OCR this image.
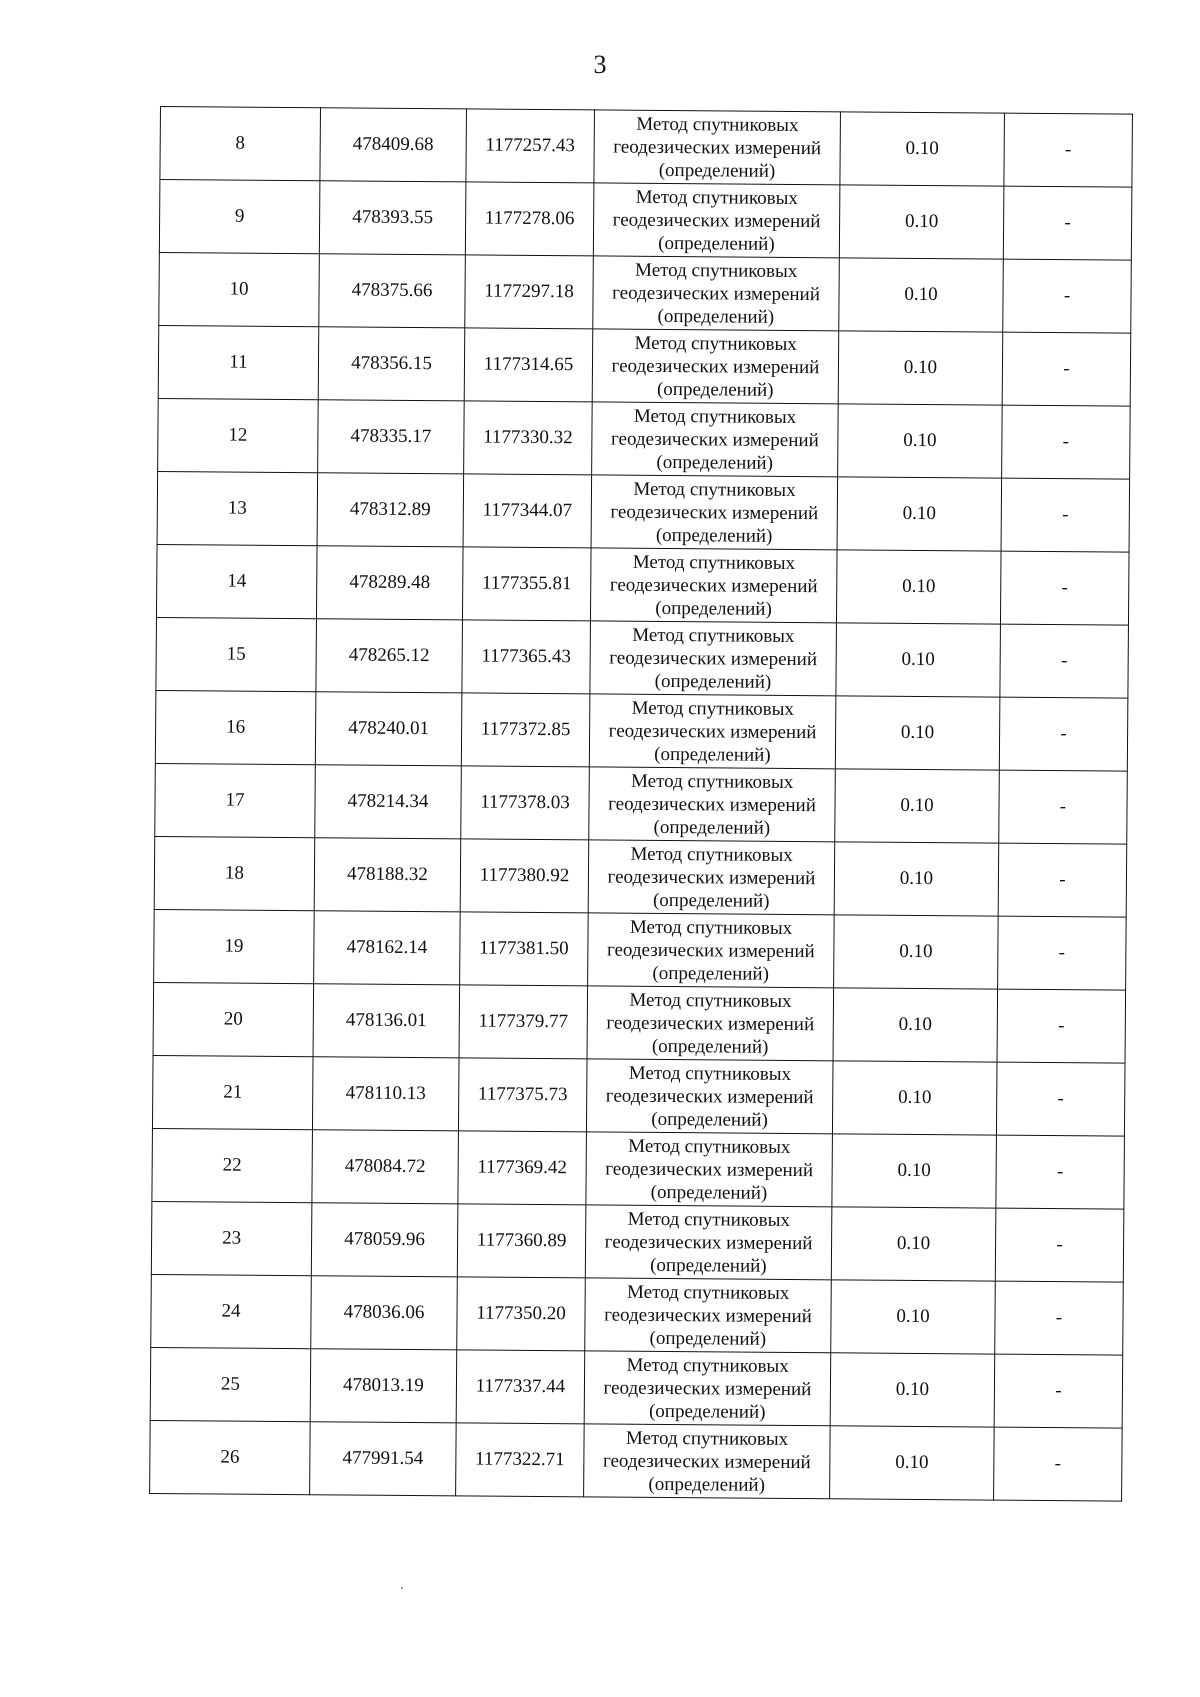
3
8	478409.68	1177257.43	Метод спутниковых геодезических измерений (определений)	0.10	-
9	478393.55	1177278.06	Метод спутниковых геодезических измерений (определений)	0.10	-
10	478375.66	1177297.18	Метод спутниковых геодезических измерений (определений)	0.10	-
11	478356.15	1177314.65	Метод спутниковых геодезических измерений (определений)	0.10	-
12	478335.17	1177330.32	Метод спутниковых геодезических измерений (определений)	0.10	-
13	478312.89	1177344.07	Метод спутниковых геодезических измерений (определений)	0.10	-
14	478289.48	1177355.81	Метод спутниковых геодезических измерений (определений)	0.10	-
15	478265.12	1177365.43	Метод спутниковых геодезических измерений (определений)	0.10	-
16	478240.01	1177372.85	Метод спутниковых геодезических измерений (определений)	0.10	-
17	478214.34	1177378.03	Метод спутниковых геодезических измерений (определений)	0.10	-
18	478188.32	1177380.92	Метод спутниковых геодезических измерений (определений)	0.10	-
19	478162.14	1177381.50	Метод спутниковых геодезических измерений (определений)	0.10	-
20	478136.01	1177379.77	Метод спутниковых геодезических измерений (определений)	0.10	-
21	478110.13	1177375.73	Метод спутниковых геодезических измерений (определений)	0.10	-
22	478084.72	1177369.42	Метод спутниковых геодезических измерений (определений)	0.10	-
23	478059.96	1177360.89	Метод спутниковых геодезических измерений (определений)	0.10	-
24	478036.06	1177350.20	Метод спутниковых геодезических измерений (определений)	0.10	-
25	478013.19	1177337.44	Метод спутниковых геодезических измерений (определений)	0.10	-
26	477991.54	1177322.71	Метод спутниковых геодезических измерений (определений)	0.10	-
